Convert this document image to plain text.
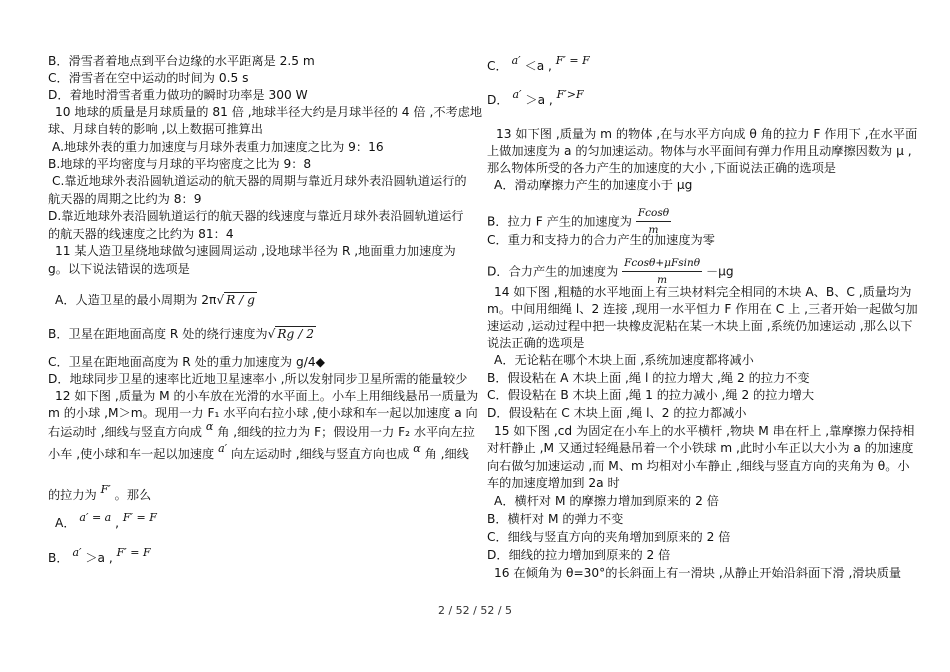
B．滑雪者着地点到平台边缘的水平距离是 2.5 m
C．滑雪者在空中运动的时间为 0.5 s
D．着地时滑雪者重力做功的瞬时功率是 300 W
10 地球的质量是月球质量的 81 倍 ,地球半径大约是月球半径的 4 倍 ,不考虑地
球、月球自转的影响 ,以上数据可推算出
A.地球外表的重力加速度与月球外表重力加速度之比为 9：16
B.地球的平均密度与月球的平均密度之比为 9：8
C.靠近地球外表沿圆轨道运动的航天器的周期与靠近月球外表沿圆轨道运行的
航天器的周期之比约为 8：9
D.靠近地球外表沿圆轨道运行的航天器的线速度与靠近月球外表沿圆轨道运行
的航天器的线速度之比约为 81：4
11 某人造卫星绕地球做匀速圆周运动 ,设地球半径为 R ,地面重力加速度为
g。以下说法错误的选项是
A．人造卫星的最小周期为 2π√ R / g
B．卫星在距地面高度 R 处的绕行速度为√ Rg / 2
C．卫星在距地面高度为 R 处的重力加速度为 g/4◆
D．地球同步卫星的速率比近地卫星速率小 ,所以发射同步卫星所需的能量较少
12 如下图 ,质量为 M 的小车放在光滑的水平面上。小车上用细线悬吊一质量为
m 的小球 ,M＞m。现用一力 F₁ 水平向右拉小球 ,使小球和车一起以加速度 a 向
右运动时 ,细线与竖直方向成 α 角 ,细线的拉力为 F；假设用一力 F₂ 水平向左拉
小车 ,使小球和车一起以加速度 a′ 向左运动时 ,细线与竖直方向也成 α 角 ,细线
的拉力为 F′ 。那么
A． a′ = a , F′ = F
B． a′ ＞a , F′ = F
C． a′ ＜a , F′ = F
D． a′ ＞a , F′>F
13 如下图 ,质量为 m 的物体 ,在与水平方向成 θ 角的拉力 F 作用下 ,在水平面
上做加速度为 a 的匀加速运动。物体与水平面间有弹力作用且动摩擦因数为 μ ,
那么物体所受的各力产生的加速度的大小 ,下面说法正确的选项是
A．滑动摩擦力产生的加速度小于 μg
B．拉力 F 产生的加速度为 $\frac{Fcos\theta}{m}$
C．重力和支持力的合力产生的加速度为零
D．合力产生的加速度为 $\frac{Fcos\theta+\mu Fsin\theta}{m} -\mu g$
14 如下图 ,粗糙的水平地面上有三块材料完全相同的木块 A、B、C ,质量均为
m。中间用细绳 l、2 连接 ,现用一水平恒力 F 作用在 C 上 ,三者开始一起做匀加
速运动 ,运动过程中把一块橡皮泥粘在某一木块上面 ,系统仍加速运动 ,那么以下
说法正确的选项是
A．无论粘在哪个木块上面 ,系统加速度都将减小
B．假设粘在 A 木块上面 ,绳 l 的拉力增大 ,绳 2 的拉力不变
C．假设粘在 B 木块上面 ,绳 1 的拉力减小 ,绳 2 的拉力增大
D．假设粘在 C 木块上面 ,绳 l、2 的拉力都减小
15 如下图 ,cd 为固定在小车上的水平横杆 ,物块 M 串在杆上 ,靠摩擦力保持相
对杆静止 ,M 又通过轻绳悬吊着一个小铁球 m ,此时小车正以大小为 a 的加速度
向右做匀加速运动 ,而 M、m 均相对小车静止 ,细线与竖直方向的夹角为 θ。小
车的加速度增加到 2a 时
A．横杆对 M 的摩擦力增加到原来的 2 倍
B．横杆对 M 的弹力不变
C．细线与竖直方向的夹角增加到原来的 2 倍
D．细线的拉力增加到原来的 2 倍
16 在倾角为 θ=30°的长斜面上有一滑块 ,从静止开始沿斜面下滑 ,滑块质量
2 / 52 / 52 / 5
